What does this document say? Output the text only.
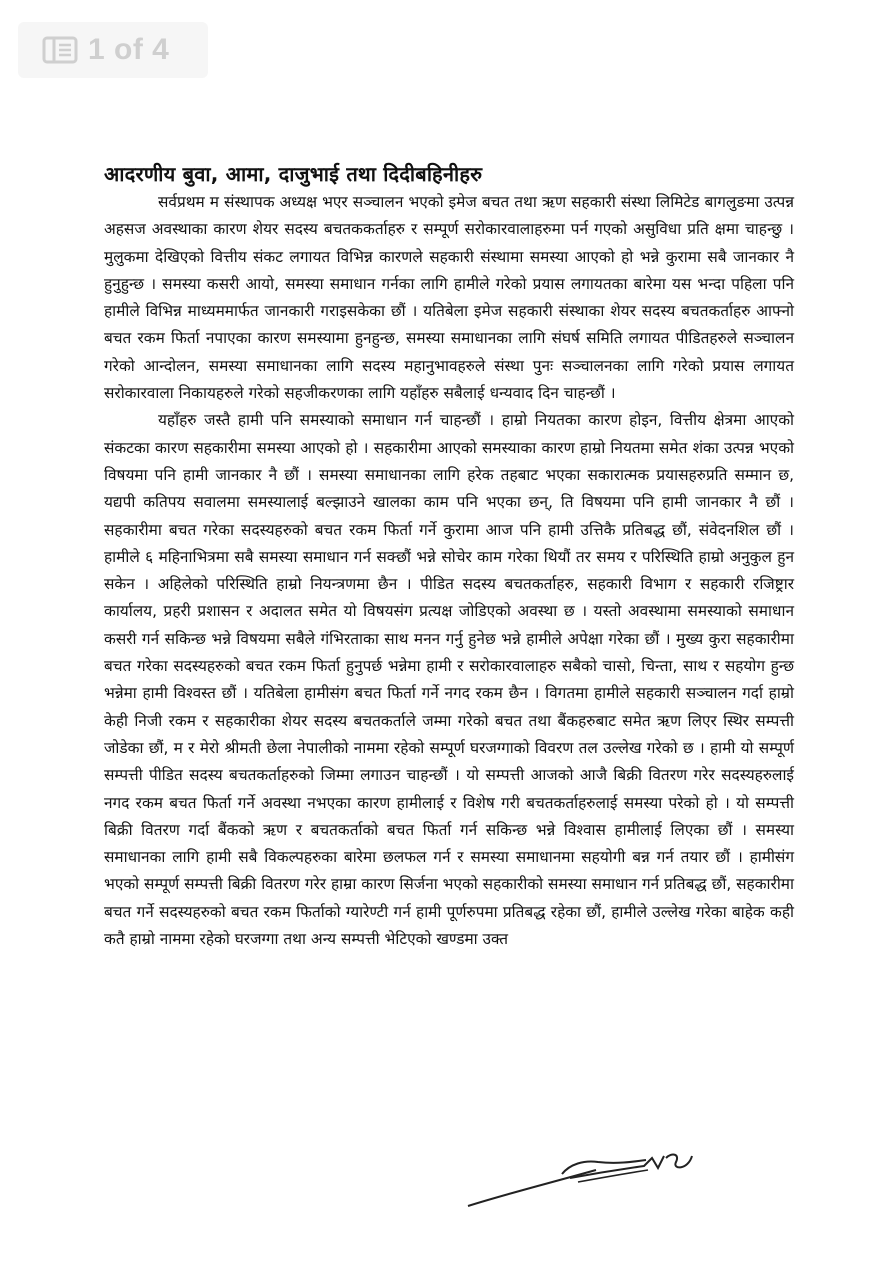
1 of 4
आदरणीय बुवा, आमा, दाजुभाई तथा दिदीबहिनीहरु

सर्वप्रथम म संस्थापक अध्यक्ष भएर सञ्चालन भएको इमेज बचत तथा ऋण सहकारी संस्था लिमिटेड बागलुङमा उत्पन्न अहसज अवस्थाका कारण शेयर सदस्य बचतककर्ताहरु र सम्पूर्ण सरोकारवालाहरुमा पर्न गएको असुविधा प्रति क्षमा चाहन्छु । मुलुकमा देखिएको वित्तीय संकट लगायत विभिन्न कारणले सहकारी संस्थामा समस्या आएको हो भन्ने कुरामा सबै जानकार नै हुनुहुन्छ । समस्या कसरी आयो, समस्या समाधान गर्नका लागि हामीले गरेको प्रयास लगायतका बारेमा यस भन्दा पहिला पनि हामीले विभिन्न माध्यममार्फत जानकारी गराइसकेका छौं । यतिबेला इमेज सहकारी संस्थाका शेयर सदस्य बचतकर्ताहरु आफ्नो बचत रकम फिर्ता नपाएका कारण समस्यामा हुनहुन्छ, समस्या समाधानका लागि संघर्ष समिति लगायत पीडितहरुले सञ्चालन गरेको आन्दोलन, समस्या समाधानका लागि सदस्य महानुभावहरुले संस्था पुनः सञ्चालनका लागि गरेको प्रयास लगायत सरोकारवाला निकायहरुले गरेको सहजीकरणका लागि यहाँहरु सबैलाई धन्यवाद दिन चाहन्छौं ।

यहाँहरु जस्तै हामी पनि समस्याको समाधान गर्न चाहन्छौं । हाम्रो नियतका कारण होइन, वित्तीय क्षेत्रमा आएको संकटका कारण सहकारीमा समस्या आएको हो । सहकारीमा आएको समस्याका कारण हाम्रो नियतमा समेत शंका उत्पन्न भएको विषयमा पनि हामी जानकार नै छौं । समस्या समाधानका लागि हरेक तहबाट भएका सकारात्मक प्रयासहरुप्रति सम्मान छ, यद्यपी कतिपय सवालमा समस्यालाई बल्झाउने खालका काम पनि भएका छन्, ति विषयमा पनि हामी जानकार नै छौं । सहकारीमा बचत गरेका सदस्यहरुको बचत रकम फिर्ता गर्ने कुरामा आज पनि हामी उत्तिकै प्रतिबद्ध छौं, संवेदनशिल छौं । हामीले ६ महिनाभित्रमा सबै समस्या समाधान गर्न सक्छौं भन्ने सोचेर काम गरेका थियौं तर समय र परिस्थिति हाम्रो अनुकुल हुन सकेन । अहिलेको परिस्थिति हाम्रो नियन्त्रणमा छैन । पीडित सदस्य बचतकर्ताहरु, सहकारी विभाग र सहकारी रजिष्ट्रार कार्यालय, प्रहरी प्रशासन र अदालत समेत यो विषयसंग प्रत्यक्ष जोडिएको अवस्था छ । यस्तो अवस्थामा समस्याको समाधान कसरी गर्न सकिन्छ भन्ने विषयमा सबैले गंभिरताका साथ मनन गर्नु हुनेछ भन्ने हामीले अपेक्षा गरेका छौं । मुख्य कुरा सहकारीमा बचत गरेका सदस्यहरुको बचत रकम फिर्ता हुनुपर्छ भन्नेमा हामी र सरोकारवालाहरु सबैको चासो, चिन्ता, साथ र सहयोग हुन्छ भन्नेमा हामी विश्वस्त छौं । यतिबेला हामीसंग बचत फिर्ता गर्ने नगद रकम छैन । विगतमा हामीले सहकारी सञ्चालन गर्दा हाम्रो केही निजी रकम र सहकारीका शेयर सदस्य बचतकर्ताले जम्मा गरेको बचत तथा बैंकहरुबाट समेत ऋण लिएर स्थिर सम्पत्ती जोडेका छौं, म र मेरो श्रीमती छेला नेपालीको नाममा रहेको सम्पूर्ण घरजग्गाको विवरण तल उल्लेख गरेको छ । हामी यो सम्पूर्ण सम्पत्ती पीडित सदस्य बचतकर्ताहरुको जिम्मा लगाउन चाहन्छौं । यो सम्पत्ती आजको आजै बिक्री वितरण गरेर सदस्यहरुलाई नगद रकम बचत फिर्ता गर्ने अवस्था नभएका कारण हामीलाई र विशेष गरी बचतकर्ताहरुलाई समस्या परेको हो । यो सम्पत्ती बिक्री वितरण गर्दा बैंकको ऋण र बचतकर्ताको बचत फिर्ता गर्न सकिन्छ भन्ने विश्वास हामीलाई लिएका छौं । समस्या समाधानका लागि हामी सबै विकल्पहरुका बारेमा छलफल गर्न र समस्या समाधानमा सहयोगी बन्न गर्न तयार छौं । हामीसंग भएको सम्पूर्ण सम्पत्ती बिक्री वितरण गरेर हाम्रा कारण सिर्जना भएको सहकारीको समस्या समाधान गर्न प्रतिबद्ध छौं, सहकारीमा बचत गर्ने सदस्यहरुको बचत रकम फिर्ताको ग्यारेण्टी गर्न हामी पूर्णरुपमा प्रतिबद्ध रहेका छौं, हामीले उल्लेख गरेका बाहेक कही कतै हाम्रो नाममा रहेको घरजग्गा तथा अन्य सम्पत्ती भेटिएको खण्डमा उक्त
